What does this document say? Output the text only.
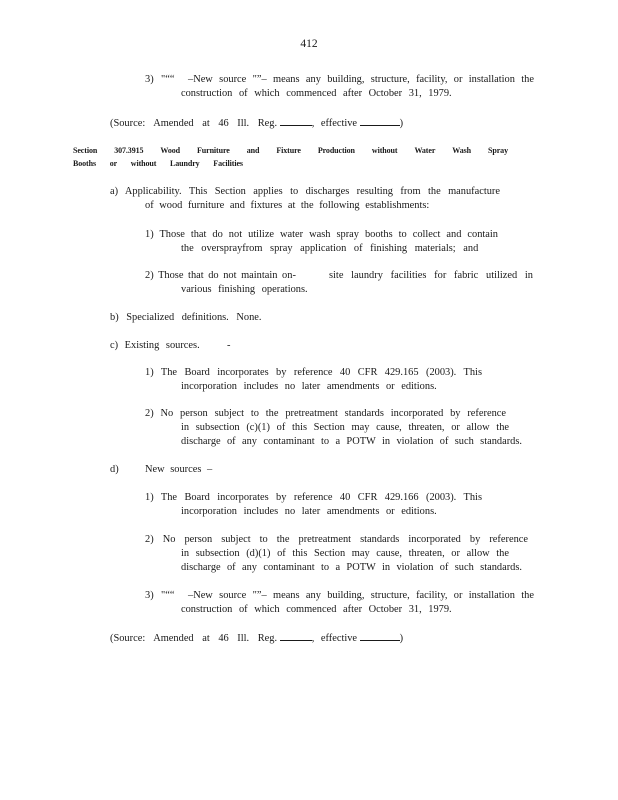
412
3) "““ –New source "”– means any building, structure, facility, or installation the
construction of which commenced after October 31, 1979.
(Source: Amended at 46 Ill. Reg.	, effective	)
Section 307.3915 Wood Furniture and Fixture Production without Water Wash Spray
Booths or without Laundry Facilities
a) Applicability. This Section applies to discharges resulting from the manufacture
of wood furniture and fixtures at the following establishments:
1) Those that do not utilize water wash spray booths to collect and contain
the oversprayfrom spray application of finishing materials; and
2) Those that do not maintain on-	site laundry facilities for fabric utilized in
various finishing operations.
b) Specialized definitions. None.
c) Existing sources.	-
1) The Board incorporates by reference 40 CFR 429.165 (2003). This
incorporation includes no later amendments or editions.
2) No person subject to the pretreatment standards incorporated by reference
in subsection (c)(1) of this Section may cause, threaten, or allow the
discharge of any contaminant to a POTW in violation of such standards.
d)	New sources –
1) The Board incorporates by reference 40 CFR 429.166 (2003). This
incorporation includes no later amendments or editions.
2) No person subject to the pretreatment standards incorporated by reference
in subsection (d)(1) of this Section may cause, threaten, or allow the
discharge of any contaminant to a POTW in violation of such standards.
3) "““ –New source "”– means any building, structure, facility, or installation the
construction of which commenced after October 31, 1979.
(Source: Amended at 46 Ill. Reg.	, effective	)
